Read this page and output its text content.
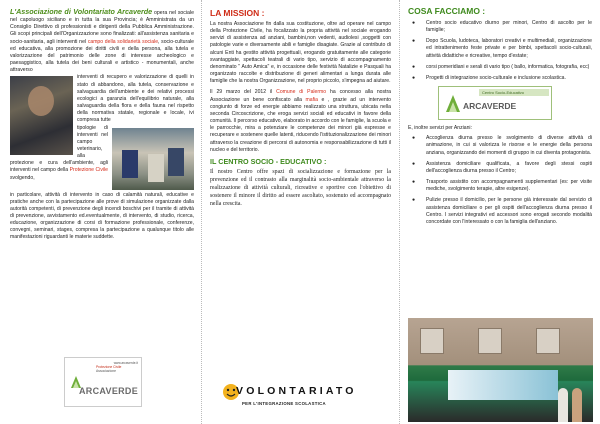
L'Associazione di Volontariato Arcaverde opera nel sociale nel capoluogo siciliano e in tutta la sua Provincia; è Amministrata da un Consiglio Direttivo di professionisti e dirigenti della Pubblica Amministrazione. Gli scopi principali dell'Organizzazione sono finalizzati: all'assistenza sanitaria e socio-sanitaria, agli interventi nel campo della solidarietà sociale, socio-culturale ed educativa, alla promozione dei diritti civili e della persona, alla tutela e valorizzazione del patrimonio delle zone di interesse archeologico e paesaggistico, alla tutela dei beni culturali e artistico - monumentali, anche attraverso

interventi di recupero e valorizzazione di quelli in stato di abbandono, alla tutela, conservazione e salvaguardia dell'ambiente e dei relativi processi ecologici a garanzia dell'equilibrio naturale, alla salvaguardia della flora e della fauna nel rispetto della normativa statale, regionale e locale, ivi compresa tutte

tipologie di interventi nel campo veterinario, alla protezione e cura dell'ambiente, agli interventi nel campo della Protezione Civile svolgendo,

in particolare, attività di intervento in caso di calamità naturali, educative e pratiche anche con la partecipazione alle prove di simulazione organizzate dalla autorità competenti, di prevenzione degli incendi boschivi per il tramite di attività di prevenzione, avvistamento ed.eventualmente, di intervento, di studio, ricerca, educazione, organizzazione di corsi di formazione professionale, conferenze, convegni, seminari, stages, compresa la partecipazione a qualunque titolo alle manifestazioni riguardanti le materie suddette.

www.arcaverde.it
Protezione Civile
Associazione
ARCAVERDE
LA MISSION :

La nostra Associazione fin dalla sua costituzione, oltre ad operare nel campo della Protezione Civile, ha focalizzato la propria attività nel sociale erogando servizi di assistenza ad anziani, bambini,non vedenti, audiolesi ,soggetti con patologie varie e diversamente abili e famiglie disagiate. Grazie al contributo di alcuni Enti ha gestito attività progettuali, erogando gratuitamente alle categorie svantaggiate, spettacoli teatrali di vario tipo, servizio di accompagnamento denominato " Auto Amica" e, in occasione delle festività Natalizie e Pasquali ha organizzato raccolte e distribuzione di generi alimentari a lunga durata alle famiglie che la nostra Organizzazione, nel proprio piccolo, s'impegna ad aiutare.

Il 29 marzo del 2012 il Comune di Palermo ha concesso alla nostra Associazione un bene confiscato alla mafia e , grazie ad un intervento congiunto di forze ed energie abbiamo realizzato una struttura, ubicata nella seconda Circoscrizione, che eroga servizi sociali ed educativi in favore della comunità. Il percorso educativo, elaborato in accordo con le famiglie, la scuola e le parrocchie, mira a potenziare le competenze dei minori già espresse e recuperare e sostenere quelle latenti, riducendo l'istituzionalizzazione dei minori attraverso la creazione di percorsi di autonomia e responsabilizzazione di tutti il nucleo e del territorio.

IL CENTRO SOCIO - EDUCATIVO :

Il nostro Centro offre spazi di socializzazione e formazione per la prevenzione ed il contrasto alla marginalità socio-ambientale attraverso la realizzazione di attività culturali, ricreative e sportive con l'obiettivo di sostenere il minore il diritto ad essere ascoltato, sostenuto ed accompagnato nella crescita.

VOLONTARIATO
PER L'INTEGRAZIONE SCOLASTICA
COSA FACCIAMO :
● Centro socio educativo diurno per minori, Centro di ascolto per le famiglie;
● Dopo Scuola, ludoteca, laboratori creativi e multimediali, organizzazione ed intrattenimento feste private e per bimbi, spettacoli socio-culturali, attività didattiche e ricreative, tempo d'estate;
● corsi pomeridiani e serali di vario tipo ( ballo, informatica, fotografia, ecc)
● Progetti di integrazione socio-culturale e inclusione scolastica.
Centro Socio-Educativo
ARCAVERDE

E, inoltre servizi per Anziani:

● Accoglienza diurna presso le svolgimento di diverse attività di animazione, in cui si valorizza le risorse e le energie della persona anziana, organizzando dei momenti di gruppo in cui diventa protagonista.
● Assistenza domiciliare qualificata, a favore degli stessi ospiti dell'accoglienza diurna presso il Centro;
● Trasporto assistito con accompagnamenti supplementari (es: per visite mediche, svolgimento terapie, altre esigenze).
● Pulizie presso il domicilio, per le persone già interessate dal servizio di assistenza domiciliare o per gli ospiti dell'accoglienza diurna presso il Centro. I servizi integrativi ed accessori sono erogati secondo modalità concordate con l'interessato o con la famiglia dell'anziano.
